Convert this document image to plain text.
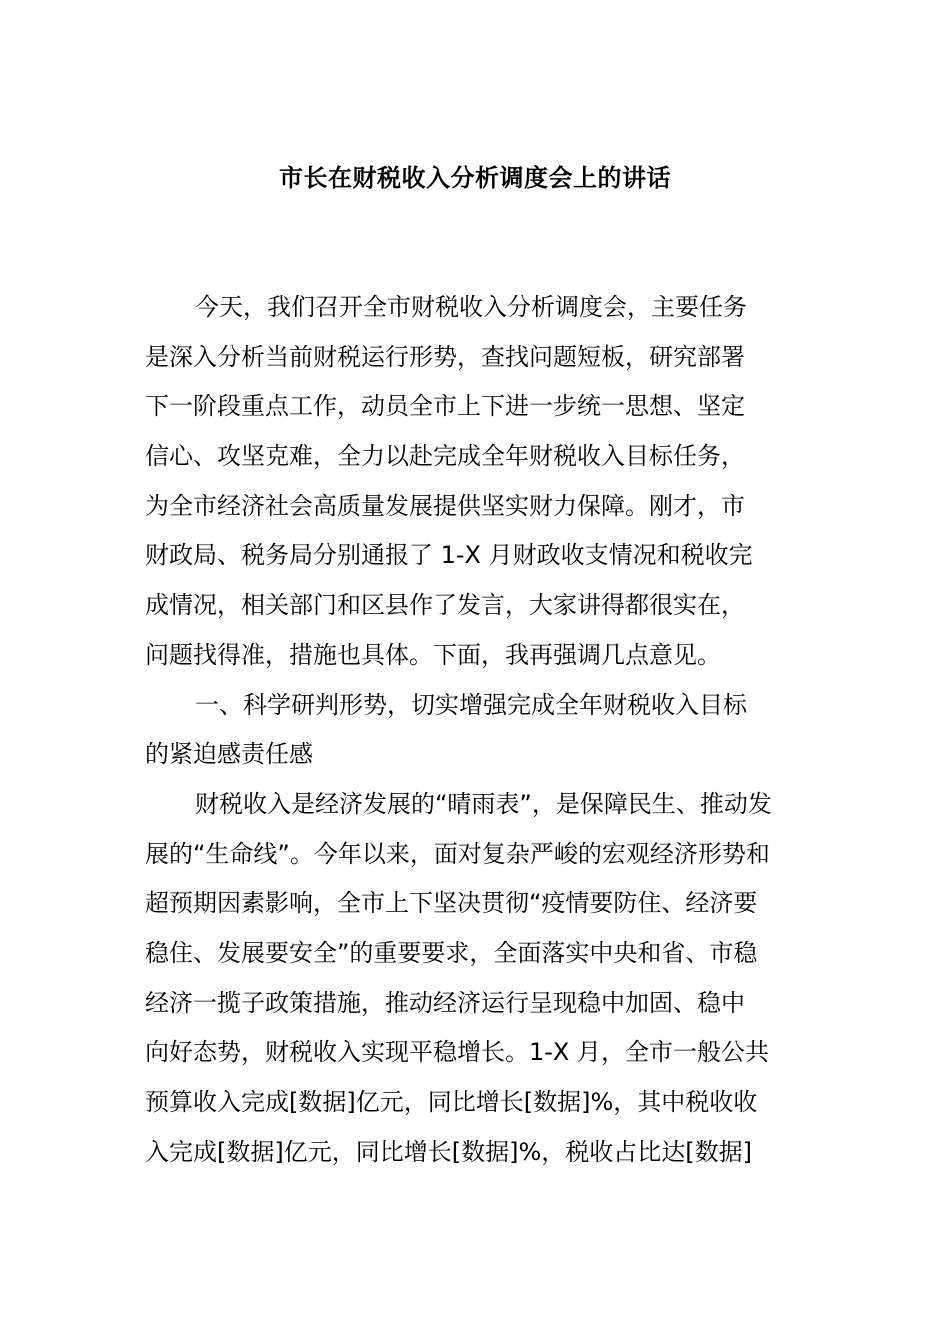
市长在财税收入分析调度会上的讲话
今天，我们召开全市财税收入分析调度会，主要任务
是深入分析当前财税运行形势，查找问题短板，研究部署
下一阶段重点工作，动员全市上下进一步统一思想、坚定
信心、攻坚克难，全力以赴完成全年财税收入目标任务，
为全市经济社会高质量发展提供坚实财力保障。刚才，市
财政局、税务局分别通报了 1-X 月财政收支情况和税收完
成情况，相关部门和区县作了发言，大家讲得都很实在，
问题找得准，措施也具体。下面，我再强调几点意见。
一、科学研判形势，切实增强完成全年财税收入目标
的紧迫感责任感
财税收入是经济发展的“晴雨表”，是保障民生、推动发
展的“生命线”。今年以来，面对复杂严峻的宏观经济形势和
超预期因素影响，全市上下坚决贯彻“疫情要防住、经济要
稳住、发展要安全”的重要要求，全面落实中央和省、市稳
经济一揽子政策措施，推动经济运行呈现稳中加固、稳中
向好态势，财税收入实现平稳增长。1-X 月，全市一般公共
预算收入完成[数据]亿元，同比增长[数据]%，其中税收收
入完成[数据]亿元，同比增长[数据]%，税收占比达[数据]
